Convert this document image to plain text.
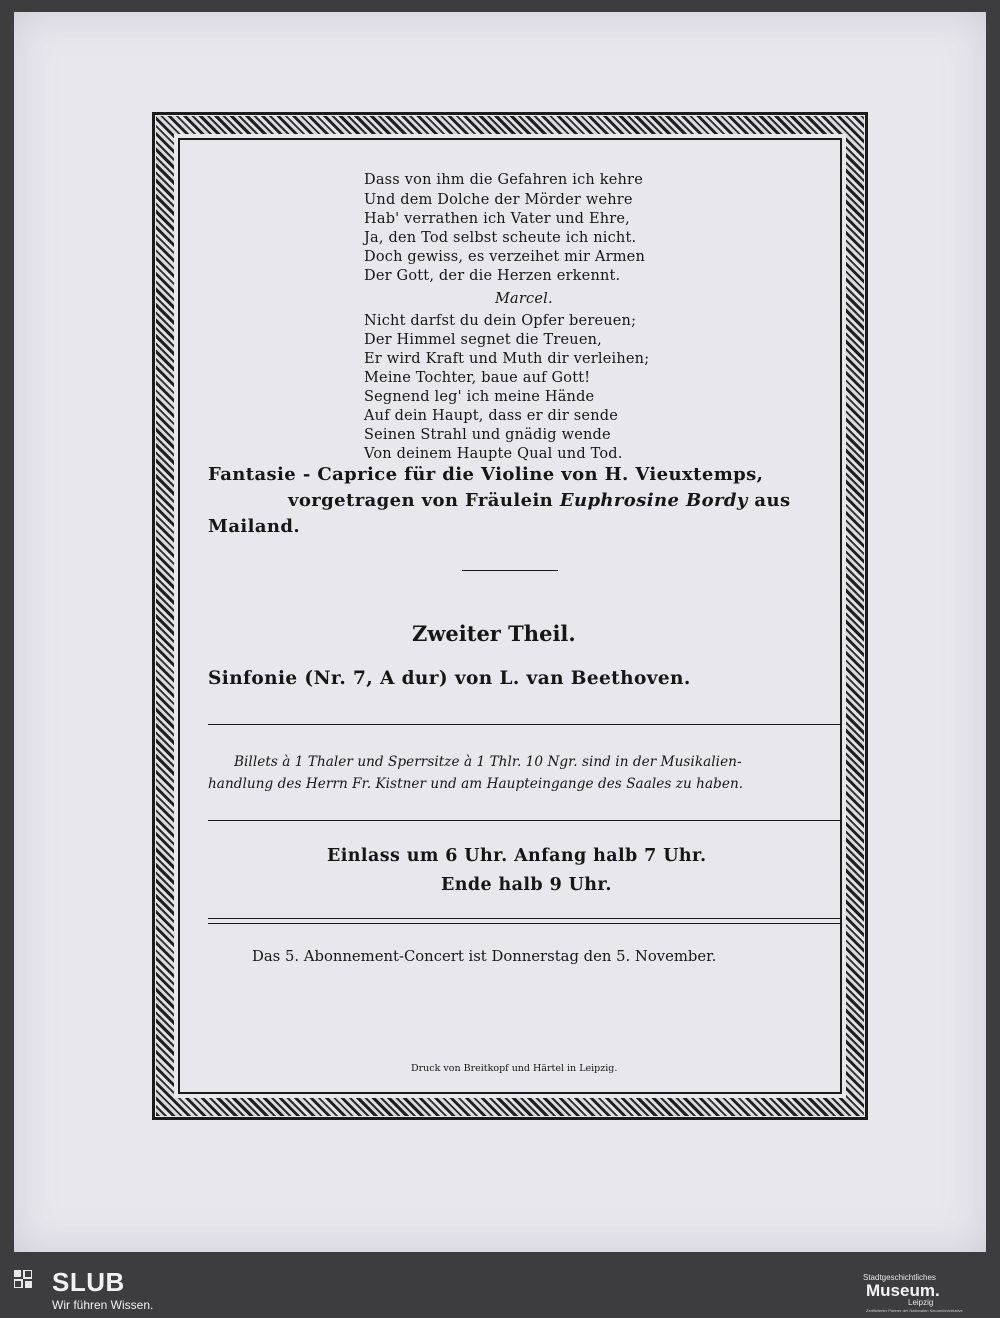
Dass von ihm die Gefahren ich kehre
Und dem Dolche der Mörder wehre
Hab' verrathen ich Vater und Ehre,
Ja, den Tod selbst scheute ich nicht.
Doch gewiss, es verzeihet mir Armen
Der Gott, der die Herzen erkennt.
Marcel.
Nicht darfst du dein Opfer bereuen;
Der Himmel segnet die Treuen,
Er wird Kraft und Muth dir verleihen;
Meine Tochter, baue auf Gott!
Segnend leg' ich meine Hände
Auf dein Haupt, dass er dir sende
Seinen Strahl und gnädig wende
Von deinem Haupte Qual und Tod.
Fantasie - Caprice für die Violine von H. Vieuxtemps,
vorgetragen von Fräulein Euphrosine Bordy aus
Mailand.
Zweiter Theil.
Sinfonie (Nr. 7, A dur) von L. van Beethoven.
Billets à 1 Thaler und Sperrsitze à 1 Thlr. 10 Ngr. sind in der Musikalien-
handlung des Herrn Fr. Kistner und am Haupteingange des Saales zu haben.
Einlass um 6 Uhr. Anfang halb 7 Uhr.
Ende halb 9 Uhr.
Das 5. Abonnement-Concert ist Donnerstag den 5. November.
Druck von Breitkopf und Härtel in Leipzig.
SLUB
Wir führen Wissen.
Stadtgeschichtliches
Museum.
Leipzig
Zertifizierter Partner der Nationalen Kinoarchivinitiative
